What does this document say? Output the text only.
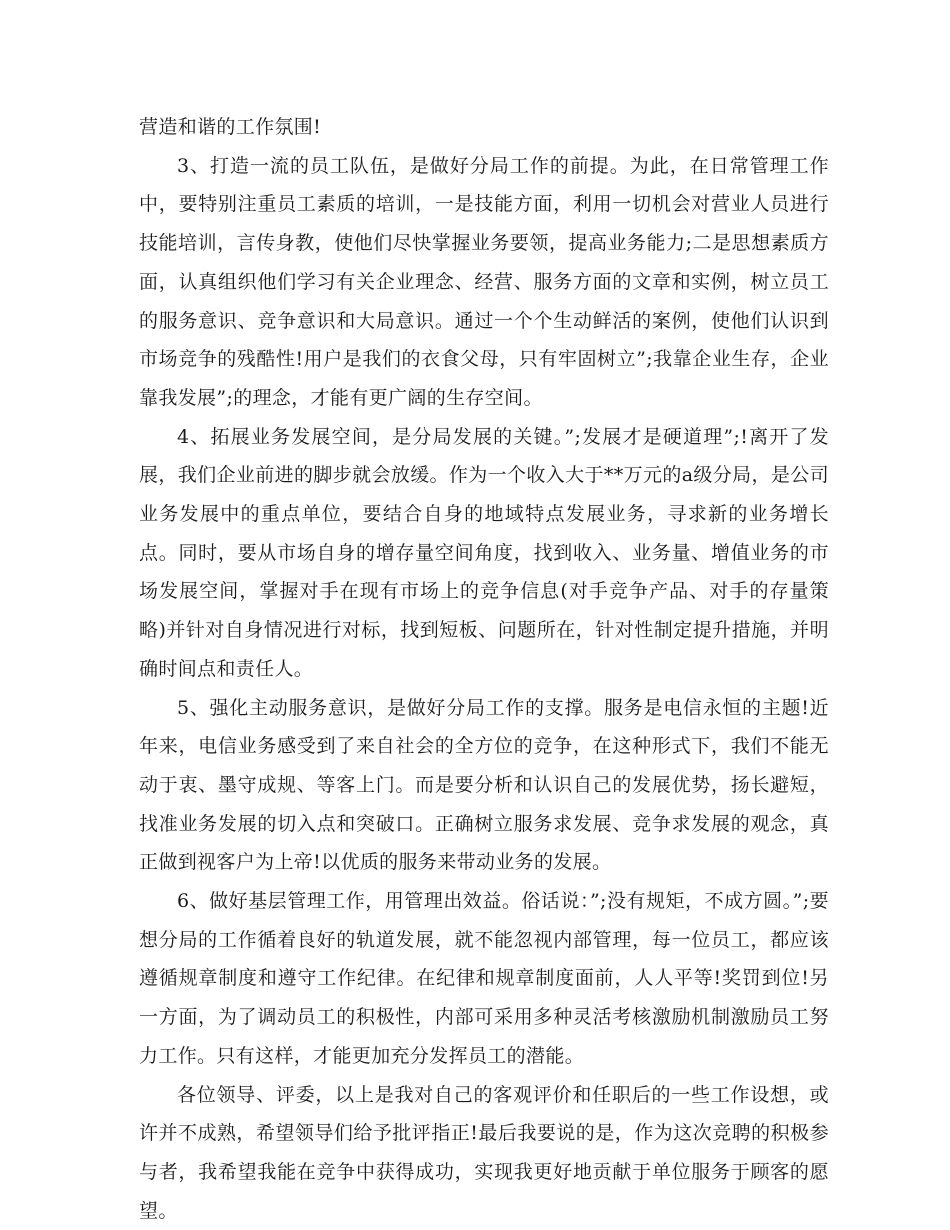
营造和谐的工作氛围!

3、打造一流的员工队伍，是做好分局工作的前提。为此，在日常管理工作中，要特别注重员工素质的培训，一是技能方面，利用一切机会对营业人员进行技能培训，言传身教，使他们尽快掌握业务要领，提高业务能力;二是思想素质方面，认真组织他们学习有关企业理念、经营、服务方面的文章和实例，树立员工的服务意识、竞争意识和大局意识。通过一个个生动鲜活的案例，使他们认识到市场竞争的残酷性!用户是我们的衣食父母，只有牢固树立”;我靠企业生存，企业靠我发展”;的理念，才能有更广阔的生存空间。

4、拓展业务发展空间，是分局发展的关键。”;发展才是硬道理”;!离开了发展，我们企业前进的脚步就会放缓。作为一个收入大于**万元的a级分局，是公司业务发展中的重点单位，要结合自身的地域特点发展业务，寻求新的业务增长点。同时，要从市场自身的增存量空间角度，找到收入、业务量、增值业务的市场发展空间，掌握对手在现有市场上的竞争信息(对手竞争产品、对手的存量策略)并针对自身情况进行对标，找到短板、问题所在，针对性制定提升措施，并明确时间点和责任人。

5、强化主动服务意识，是做好分局工作的支撑。服务是电信永恒的主题!近年来，电信业务感受到了来自社会的全方位的竞争，在这种形式下，我们不能无动于衷、墨守成规、等客上门。而是要分析和认识自己的发展优势，扬长避短，找准业务发展的切入点和突破口。正确树立服务求发展、竞争求发展的观念，真正做到视客户为上帝!以优质的服务来带动业务的发展。

6、做好基层管理工作，用管理出效益。俗话说：”;没有规矩，不成方圆。”;要想分局的工作循着良好的轨道发展，就不能忽视内部管理，每一位员工，都应该遵循规章制度和遵守工作纪律。在纪律和规章制度面前，人人平等!奖罚到位!另一方面，为了调动员工的积极性，内部可采用多种灵活考核激励机制激励员工努力工作。只有这样，才能更加充分发挥员工的潜能。

各位领导、评委，以上是我对自己的客观评价和任职后的一些工作设想，或许并不成熟，希望领导们给予批评指正!最后我要说的是，作为这次竞聘的积极参与者，我希望我能在竞争中获得成功，实现我更好地贡献于单位服务于顾客的愿望。
